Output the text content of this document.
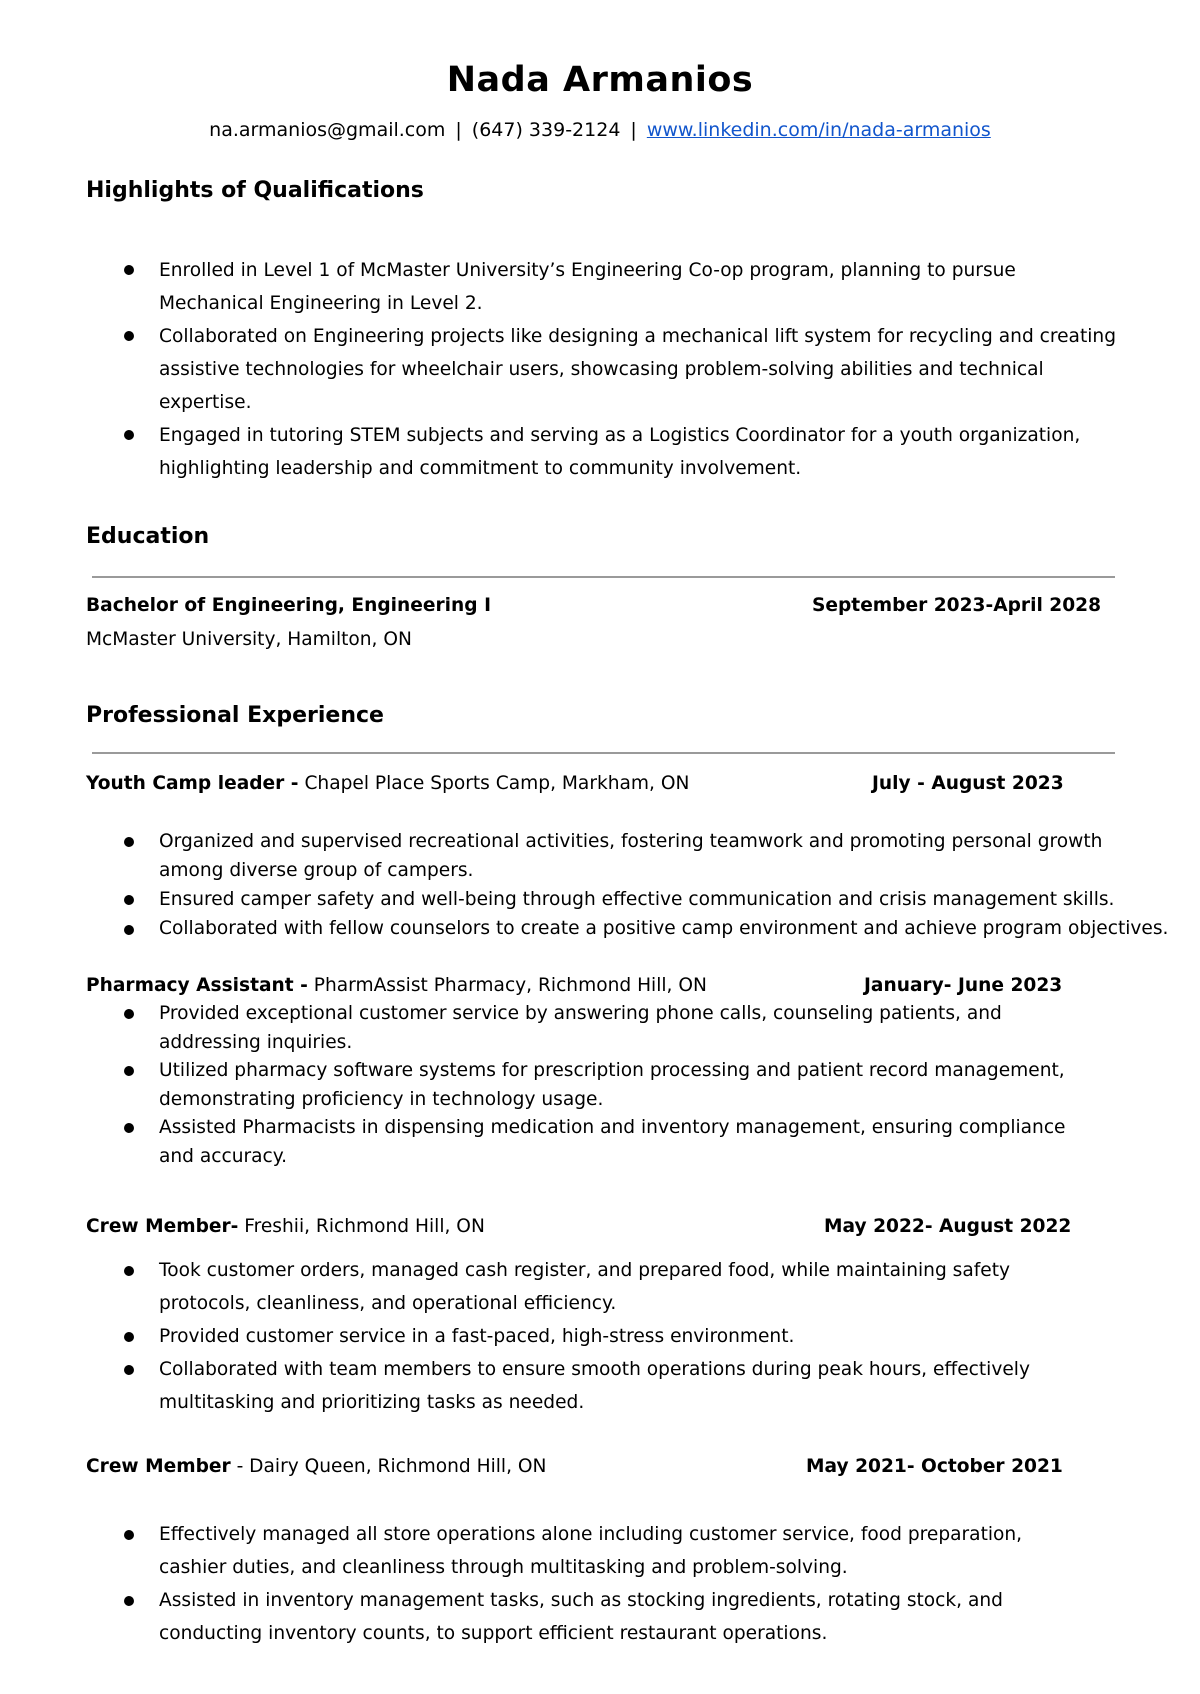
Nada Armanios
na.armanios@gmail.com | (647) 339-2124 | www.linkedin.com/in/nada-armanios
Highlights of Qualifications
Enrolled in Level 1 of McMaster University’s Engineering Co-op program, planning to pursue
Mechanical Engineering in Level 2.
Collaborated on Engineering projects like designing a mechanical lift system for recycling and creating
assistive technologies for wheelchair users, showcasing problem-solving abilities and technical
expertise.
Engaged in tutoring STEM subjects and serving as a Logistics Coordinator for a youth organization,
highlighting leadership and commitment to community involvement.
Education
Bachelor of Engineering, Engineering I	September 2023-April 2028
McMaster University, Hamilton, ON
Professional Experience
Youth Camp leader - Chapel Place Sports Camp, Markham, ON	July - August 2023
Organized and supervised recreational activities, fostering teamwork and promoting personal growth
among diverse group of campers.
Ensured camper safety and well-being through effective communication and crisis management skills.
Collaborated with fellow counselors to create a positive camp environment and achieve program objectives.
Pharmacy Assistant - PharmAssist Pharmacy, Richmond Hill, ON	January- June 2023
Provided exceptional customer service by answering phone calls, counseling patients, and
addressing inquiries.
Utilized pharmacy software systems for prescription processing and patient record management,
demonstrating proficiency in technology usage.
Assisted Pharmacists in dispensing medication and inventory management, ensuring compliance
and accuracy.
Crew Member- Freshii, Richmond Hill, ON	May 2022- August 2022
Took customer orders, managed cash register, and prepared food, while maintaining safety
protocols, cleanliness, and operational efficiency.
Provided customer service in a fast-paced, high-stress environment.
Collaborated with team members to ensure smooth operations during peak hours, effectively
multitasking and prioritizing tasks as needed.
Crew Member - Dairy Queen, Richmond Hill, ON	May 2021- October 2021
Effectively managed all store operations alone including customer service, food preparation,
cashier duties, and cleanliness through multitasking and problem-solving.
Assisted in inventory management tasks, such as stocking ingredients, rotating stock, and
conducting inventory counts, to support efficient restaurant operations.
